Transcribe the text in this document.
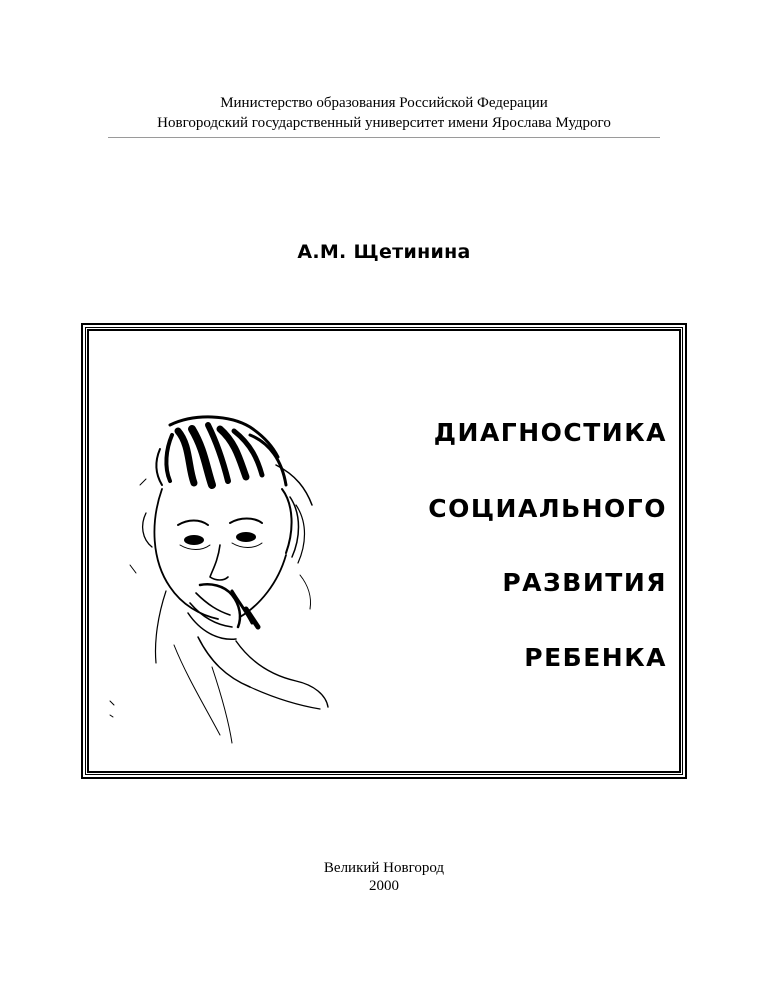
Министерство образования Российской Федерации
Новгородский государственный университет имени Ярослава Мудрого
А.М. Щетинина
ДИАГНОСТИКА
СОЦИАЛЬНОГО
РАЗВИТИЯ
РЕБЕНКА
Великий Новгород
2000
